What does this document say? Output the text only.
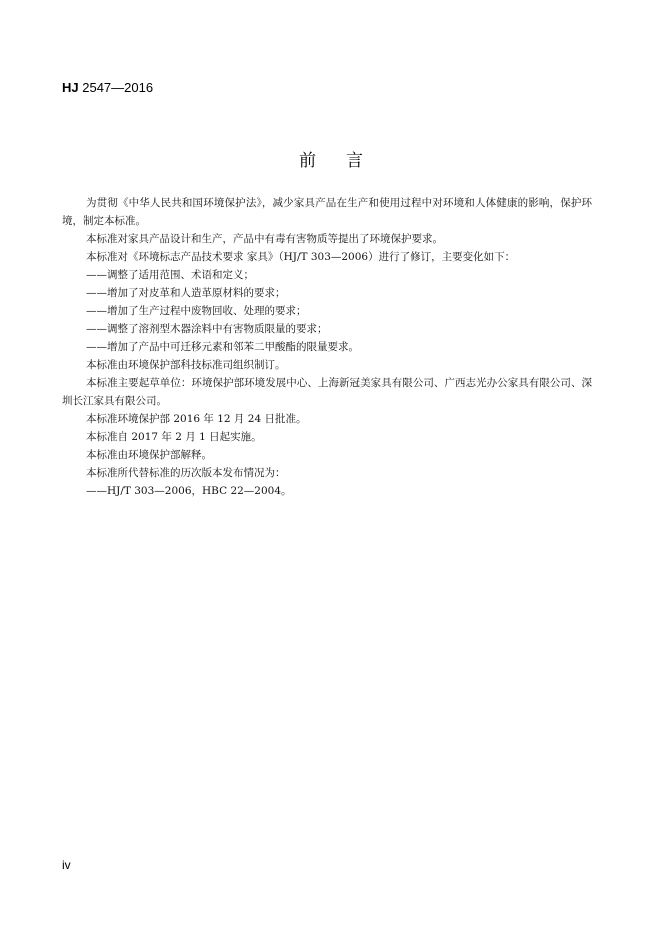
HJ 2547—2016
前言

为贯彻《中华人民共和国环境保护法》，减少家具产品在生产和使用过程中对环境和人体健康的影响，保护环境，制定本标准。

本标准对家具产品设计和生产，产品中有毒有害物质等提出了环境保护要求。

本标准对《环境标志产品技术要求 家具》（HJ/T 303—2006）进行了修订，主要变化如下：

——调整了适用范围、术语和定义；

——增加了对皮革和人造革原材料的要求；

——增加了生产过程中废物回收、处理的要求；

——调整了溶剂型木器涂料中有害物质限量的要求；

——增加了产品中可迁移元素和邻苯二甲酸酯的限量要求。

本标准由环境保护部科技标准司组织制订。

本标准主要起草单位：环境保护部环境发展中心、上海新冠美家具有限公司、广西志光办公家具有限公司、深圳长江家具有限公司。

本标准环境保护部 2016 年 12 月 24 日批准。

本标准自 2017 年 2 月 1 日起实施。

本标准由环境保护部解释。

本标准所代替标准的历次版本发布情况为：

——HJ/T 303—2006，HBC 22—2004。

iv
